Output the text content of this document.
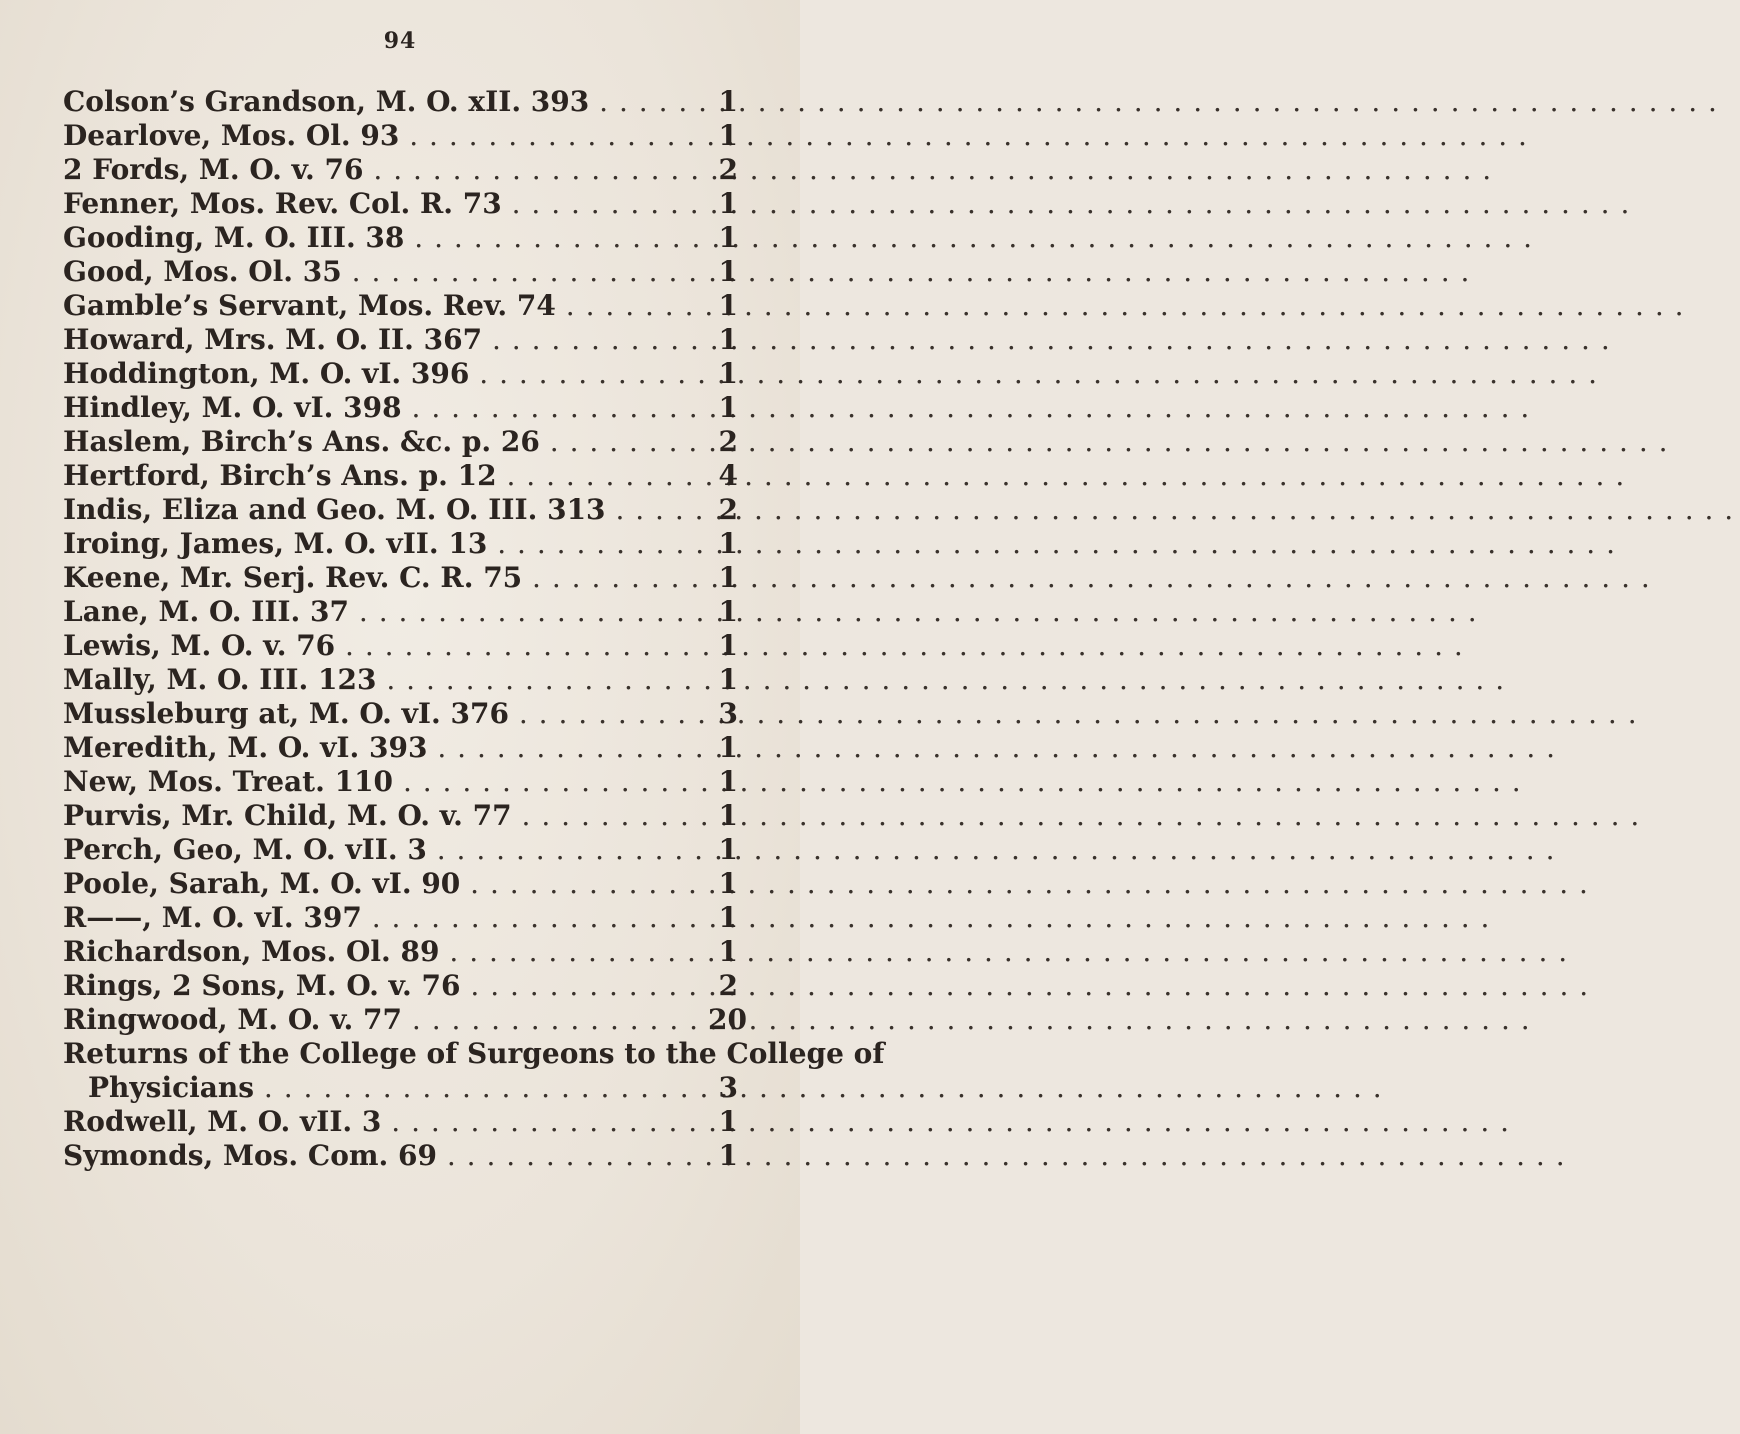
94
Colson’s Grandson, M. O. xII. 393 . . .	1
Dearlove, Mos. Ol. 93 . . .	1
2 Fords, M. O. v. 76 . . .	2
Fenner, Mos. Rev. Col. R. 73 . . .	1
Gooding, M. O. III. 38 . . .	1
Good, Mos. Ol. 35 . . .	1
Gamble’s Servant, Mos. Rev. 74 . . .	1
Howard, Mrs. M. O. II. 367 . . .	1
Hoddington, M. O. vI. 396 . . .	1
Hindley, M. O. vI. 398 . . .	1
Haslem, Birch’s Ans. &c. p. 26 . . .	2
Hertford, Birch’s Ans. p. 12 . . .	4
Indis, Eliza and Geo. M. O. III. 313 . . .	2
Iroing, James, M. O. vII. 13 . . .	1
Keene, Mr. Serj. Rev. C. R. 75 . . .	1
Lane, M. O. III. 37 . . .	1
Lewis, M. O. v. 76 . . .	1
Mally, M. O. III. 123 . . .	1
Mussleburg at, M. O. vI. 376 . . .	3
Meredith, M. O. vI. 393 . . .	1
New, Mos. Treat. 110 . . .	1
Purvis, Mr. Child, M. O. v. 77 . . .	1
Perch, Geo, M. O. vII. 3 . . .	1
Poole, Sarah, M. O. vI. 90 . . .	1
R——, M. O. vI. 397 . . .	1
Richardson, Mos. Ol. 89 . . .	1
Rings, 2 Sons, M. O. v. 76 . . .	2
Ringwood, M. O. v. 77 . . .	20
Returns of the College of Surgeons to the College of
Physicians . . .	3
Rodwell, M. O. vII. 3 . . .	1
Symonds, Mos. Com. 69 . . .	1
